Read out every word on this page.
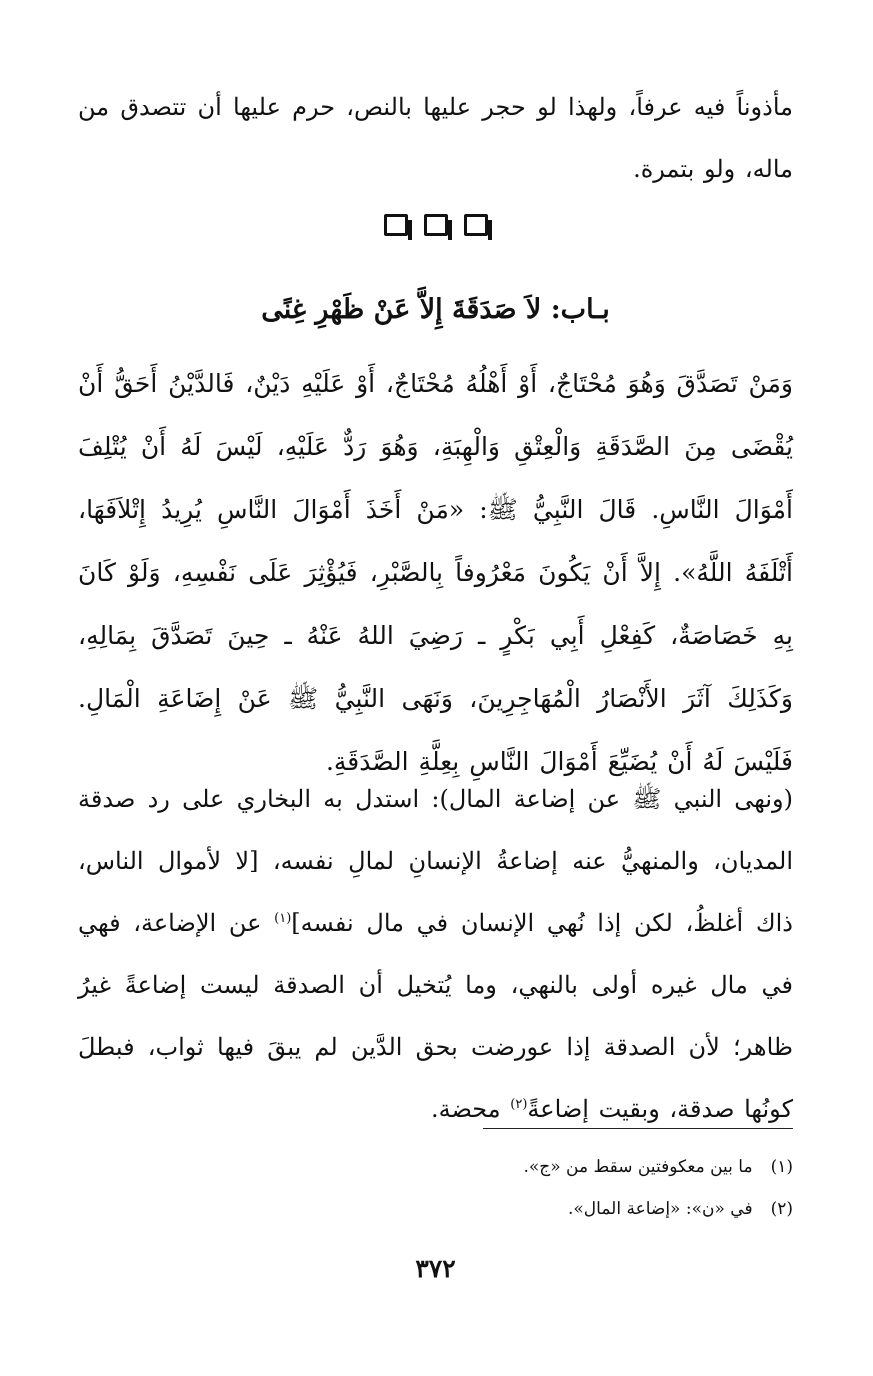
مأذوناً فيه عرفاً، ولهذا لو حجر عليها بالنص، حرم عليها أن تتصدق من ماله، ولو بتمرة.

بـاب: لاَ صَدَقَةَ إِلاَّ عَنْ ظَهْرِ غِنًى

وَمَنْ تَصَدَّقَ وَهُوَ مُحْتَاجٌ، أَوْ أَهْلُهُ مُحْتَاجٌ، أَوْ عَلَيْهِ دَيْنٌ، فَالدَّيْنُ أَحَقُّ أَنْ يُقْضَى مِنَ الصَّدَقَةِ وَالْعِتْقِ وَالْهِبَةِ، وَهُوَ رَدٌّ عَلَيْهِ، لَيْسَ لَهُ أَنْ يُتْلِفَ أَمْوَالَ النَّاسِ. قَالَ النَّبِيُّ ﷺ: «مَنْ أَخَذَ أَمْوَالَ النَّاسِ يُرِيدُ إِتْلاَفَهَا، أَتْلَفَهُ اللَّهُ». إِلاَّ أَنْ يَكُونَ مَعْرُوفاً بِالصَّبْرِ، فَيُؤْثِرَ عَلَى نَفْسِهِ، وَلَوْ كَانَ بِهِ خَصَاصَةٌ، كَفِعْلِ أَبِي بَكْرٍ ـ رَضِيَ اللهُ عَنْهُ ـ حِينَ تَصَدَّقَ بِمَالِهِ، وَكَذَلِكَ آثَرَ الأَنْصَارُ الْمُهَاجِرِينَ، وَنَهَى النَّبِيُّ ﷺ عَنْ إِضَاعَةِ الْمَالِ. فَلَيْسَ لَهُ أَنْ يُضَيِّعَ أَمْوَالَ النَّاسِ بِعِلَّةِ الصَّدَقَةِ.

(ونهى النبي ﷺ عن إضاعة المال): استدل به البخاري على رد صدقة المديان، والمنهيُّ عنه إضاعةُ الإنسانِ لمالِ نفسه، [لا لأموال الناس، ذاك أغلظُ، لكن إذا نُهي الإنسان في مال نفسه]$^{(١)}$ عن الإضاعة، فهي في مال غيره أولى بالنهي، وما يُتخيل أن الصدقة ليست إضاعةً غيرُ ظاهر؛ لأن الصدقة إذا عورضت بحق الدَّين لم يبقَ فيها ثواب، فبطلَ كونُها صدقة، وبقيت إضاعةً$^{(٢)}$ محضة.

(١)ما بين معكوفتين سقط من «ج».

(٢)في «ن»: «إضاعة المال».

٣٧٢
